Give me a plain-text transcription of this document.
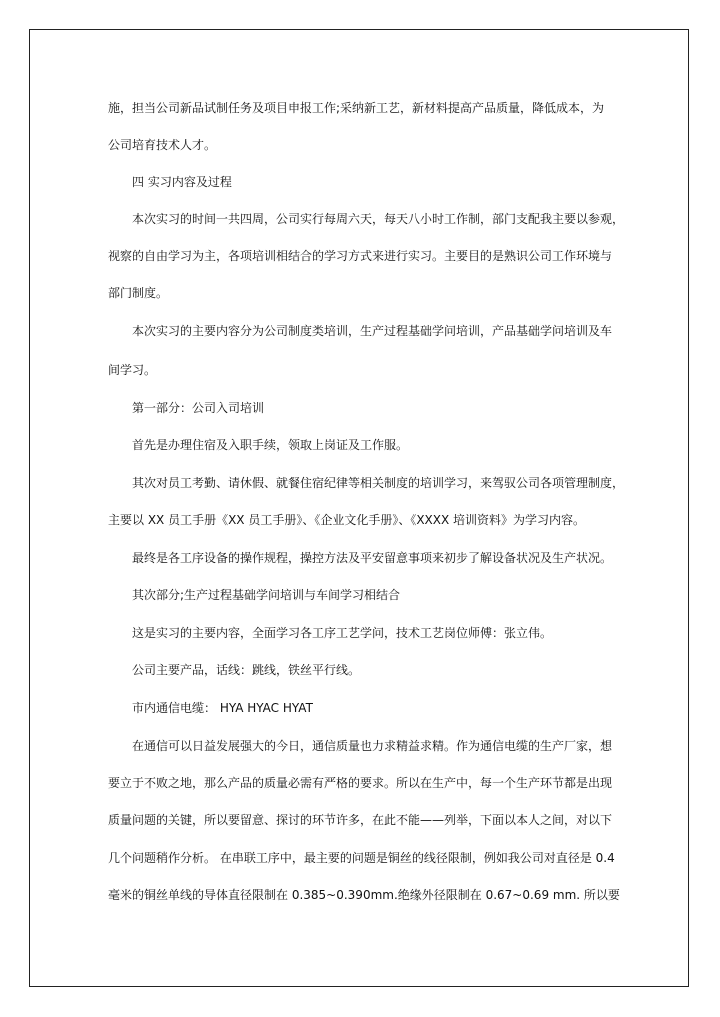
施，担当公司新品试制任务及项目申报工作;采纳新工艺，新材料提高产品质量，降低成本，为
公司培育技术人才。
四 实习内容及过程
本次实习的时间一共四周，公司实行每周六天，每天八小时工作制，部门支配我主要以参观，
视察的自由学习为主，各项培训相结合的学习方式来进行实习。主要目的是熟识公司工作环境与
部门制度。
本次实习的主要内容分为公司制度类培训，生产过程基础学问培训，产品基础学问培训及车
间学习。
第一部分：公司入司培训
首先是办理住宿及入职手续，领取上岗证及工作服。
其次对员工考勤、请休假、就餐住宿纪律等相关制度的培训学习，来驾驭公司各项管理制度，
主要以 XX 员工手册《XX 员工手册》、《企业文化手册》、《XXXX 培训资料》为学习内容。
最终是各工序设备的操作规程，操控方法及平安留意事项来初步了解设备状况及生产状况。
其次部分;生产过程基础学问培训与车间学习相结合
这是实习的主要内容，全面学习各工序工艺学问，技术工艺岗位师傅：张立伟。
公司主要产品，话线：跳线，铁丝平行线。
市内通信电缆： HYA HYAC HYAT
在通信可以日益发展强大的今日，通信质量也力求精益求精。作为通信电缆的生产厂家，想
要立于不败之地，那么产品的质量必需有严格的要求。所以在生产中，每一个生产环节都是出现
质量问题的关键，所以要留意、探讨的环节许多，在此不能——列举，下面以本人之间，对以下
几个问题稍作分析。 在串联工序中，最主要的问题是铜丝的线径限制，例如我公司对直径是 0.4
毫米的铜丝单线的导体直径限制在 0.385~0.390mm.绝缘外径限制在 0.67~0.69 mm. 所以要
